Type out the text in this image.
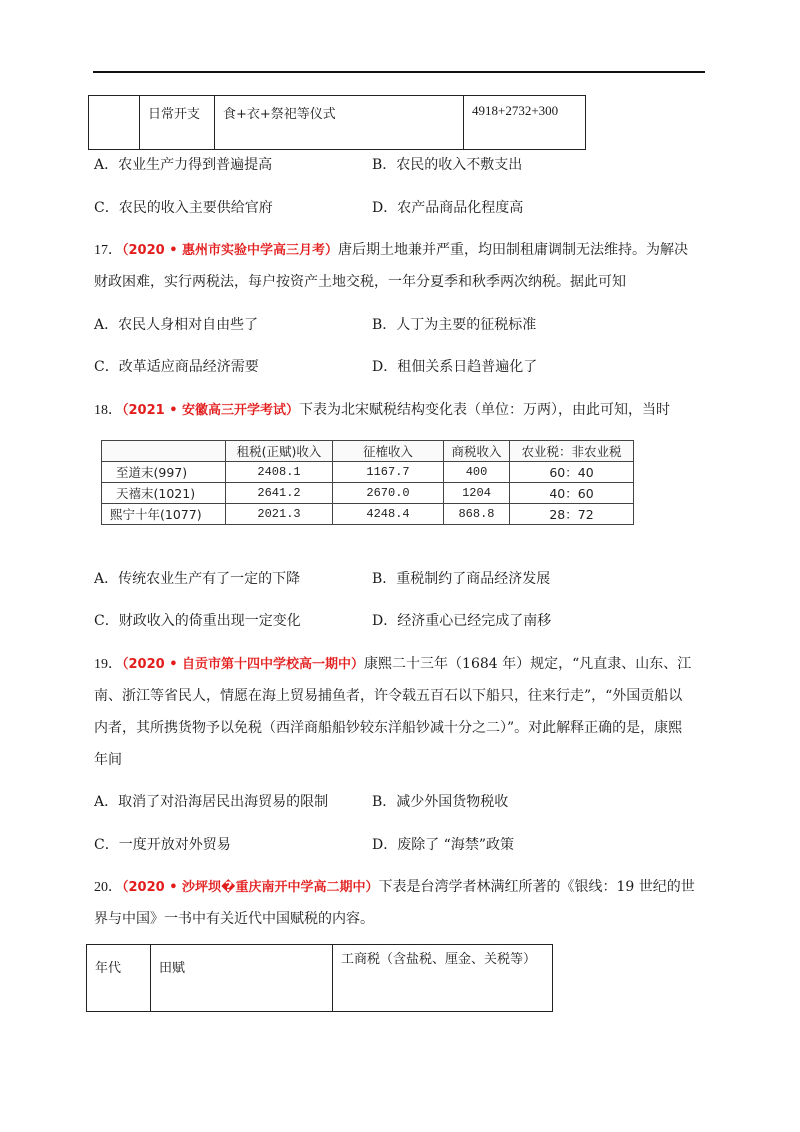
	日常开支	食+衣+祭祀等仪式	4918+2732+300
A．农业生产力得到普遍提高	B．农民的收入不敷支出
C．农民的收入主要供给官府	D．农产品商品化程度高
17．（2020 • 惠州市实验中学高三月考）唐后期土地兼并严重，均田制租庸调制无法维持。为解决
财政困难，实行两税法，每户按资产土地交税，一年分夏季和秋季两次纳税。据此可知
A．农民人身相对自由些了	B．人丁为主要的征税标准
C．改革适应商品经济需要	D．租佃关系日趋普遍化了
18．（2021 • 安徽高三开学考试）下表为北宋赋税结构变化表（单位：万两），由此可知，当时
	租税(正赋)收入	征榷收入	商税收入	农业税：非农业税
至道末(997)	2408.1	1167.7	400	60：40
天禧末(1021)	2641.2	2670.0	1204	40：60
熙宁十年(1077)	2021.3	4248.4	868.8	28：72
A．传统农业生产有了一定的下降	B．重税制约了商品经济发展
C．财政收入的倚重出现一定变化	D．经济重心已经完成了南移
19．（2020 • 自贡市第十四中学校高一期中）康熙二十三年（1684 年）规定，“凡直隶、山东、江
南、浙江等省民人，情愿在海上贸易捕鱼者，许令载五百石以下船只，往来行走”，“外国贡船以
内者，其所携货物予以免税（西洋商船船钞较东洋船钞减十分之二）”。对此解释正确的是，康熙
年间
A．取消了对沿海居民出海贸易的限制	B．减少外国货物税收
C．一度开放对外贸易	D．废除了 “海禁”政策
20．（2020 • 沙坪坝�重庆南开中学高二期中）下表是台湾学者林满红所著的《银线：19 世纪的世
界与中国》一书中有关近代中国赋税的内容。
年代	田赋	工商税（含盐税、厘金、关税等）
